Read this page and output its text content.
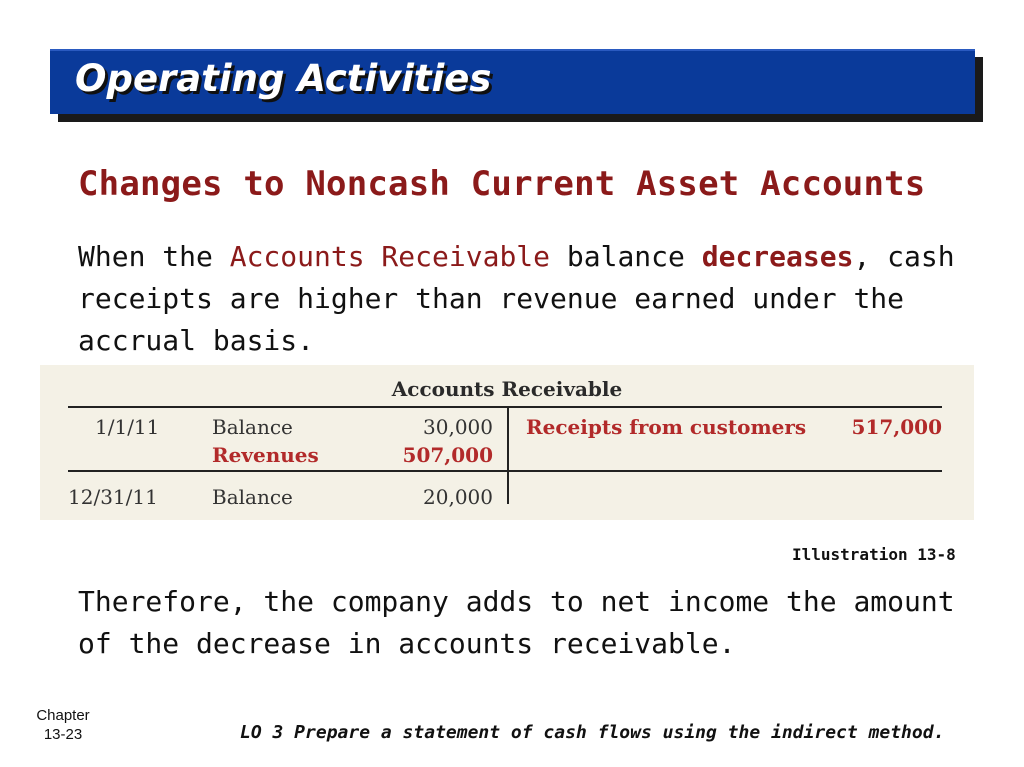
Operating Activities
Changes to Noncash Current Asset Accounts
When the Accounts Receivable balance decreases, cash receipts are higher than revenue earned under the accrual basis.
Accounts Receivable
1/1/11	Balance	30,000
Revenues	507,000
Receipts from customers	517,000
12/31/11	Balance	20,000
Illustration 13-8
Therefore, the company adds to net income the amount of the decrease in accounts receivable.
Chapter
13-23	LO 3 Prepare a statement of cash flows using the indirect method.
